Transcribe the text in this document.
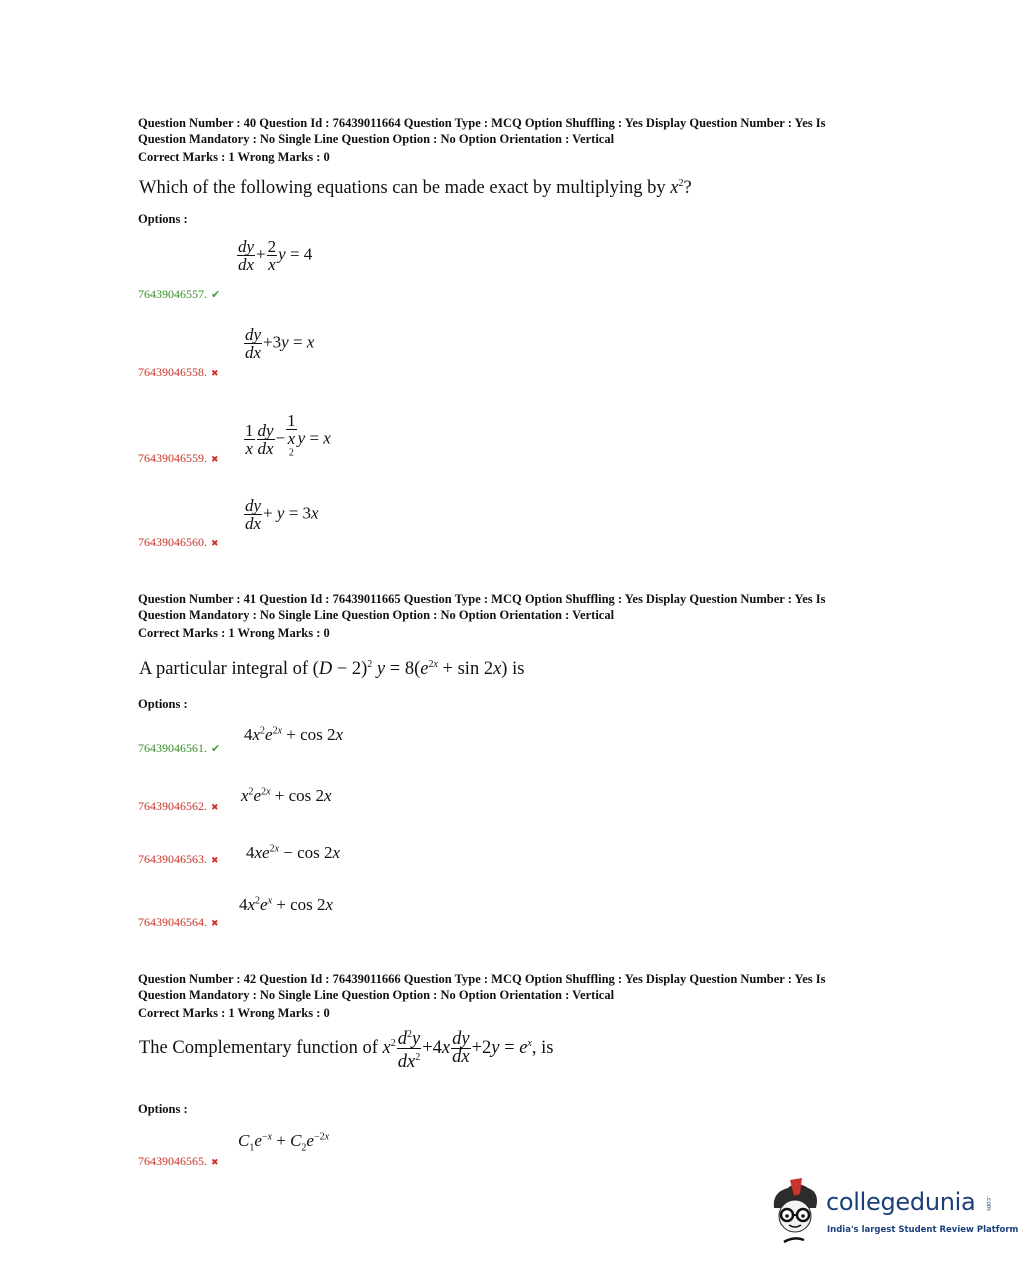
Question Number : 40 Question Id : 76439011664 Question Type : MCQ Option Shuffling : Yes Display Question Number : Yes Is
Question Mandatory : No Single Line Question Option : No Option Orientation : Vertical
Correct Marks : 1 Wrong Marks : 0
Which of the following equations can be made exact by multiplying by $x^2$?
Options :
$\frac{dy}{dx} + \frac{2}{x}$ y = 4
76439046557. ✔
$\frac{dy}{dx} +3y = x$
76439046558. ✖
$\frac{1}{x} \frac{dy}{dx}$ −
1
x
$^2$y = x
76439046559. ✖
$\frac{dy}{dx} + y = 3x$
76439046560. ✖
Question Number : 41 Question Id : 76439011665 Question Type : MCQ Option Shuffling : Yes Display Question Number : Yes Is
Question Mandatory : No Single Line Question Option : No Option Orientation : Vertical
Correct Marks : 1 Wrong Marks : 0
A particular integral of $(D - 2)^2$ $y = 8(e^{2x} + \sin 2x)$ is
Options :
$4x^2e^{2x} + \cos 2x$
76439046561. ✔
$x^2e^{2x} + \cos 2x$
76439046562. ✖
$4xe^{2x} - \cos 2x$
76439046563. ✖
$4x^2e^x + \cos 2x$
76439046564. ✖
Question Number : 42 Question Id : 76439011666 Question Type : MCQ Option Shuffling : Yes Display Question Number : Yes Is
Question Mandatory : No Single Line Question Option : No Option Orientation : Vertical
Correct Marks : 1 Wrong Marks : 0
The Complementary function of $x^2 \frac{d^2y}{dx^2} +4x \frac{dy}{dx} +2y = e^x$, is
Options :
$C_1e^{-x} + C_2e^{-2x}$
76439046565. ✖
collegedunia .com
India's largest Student Review Platform
